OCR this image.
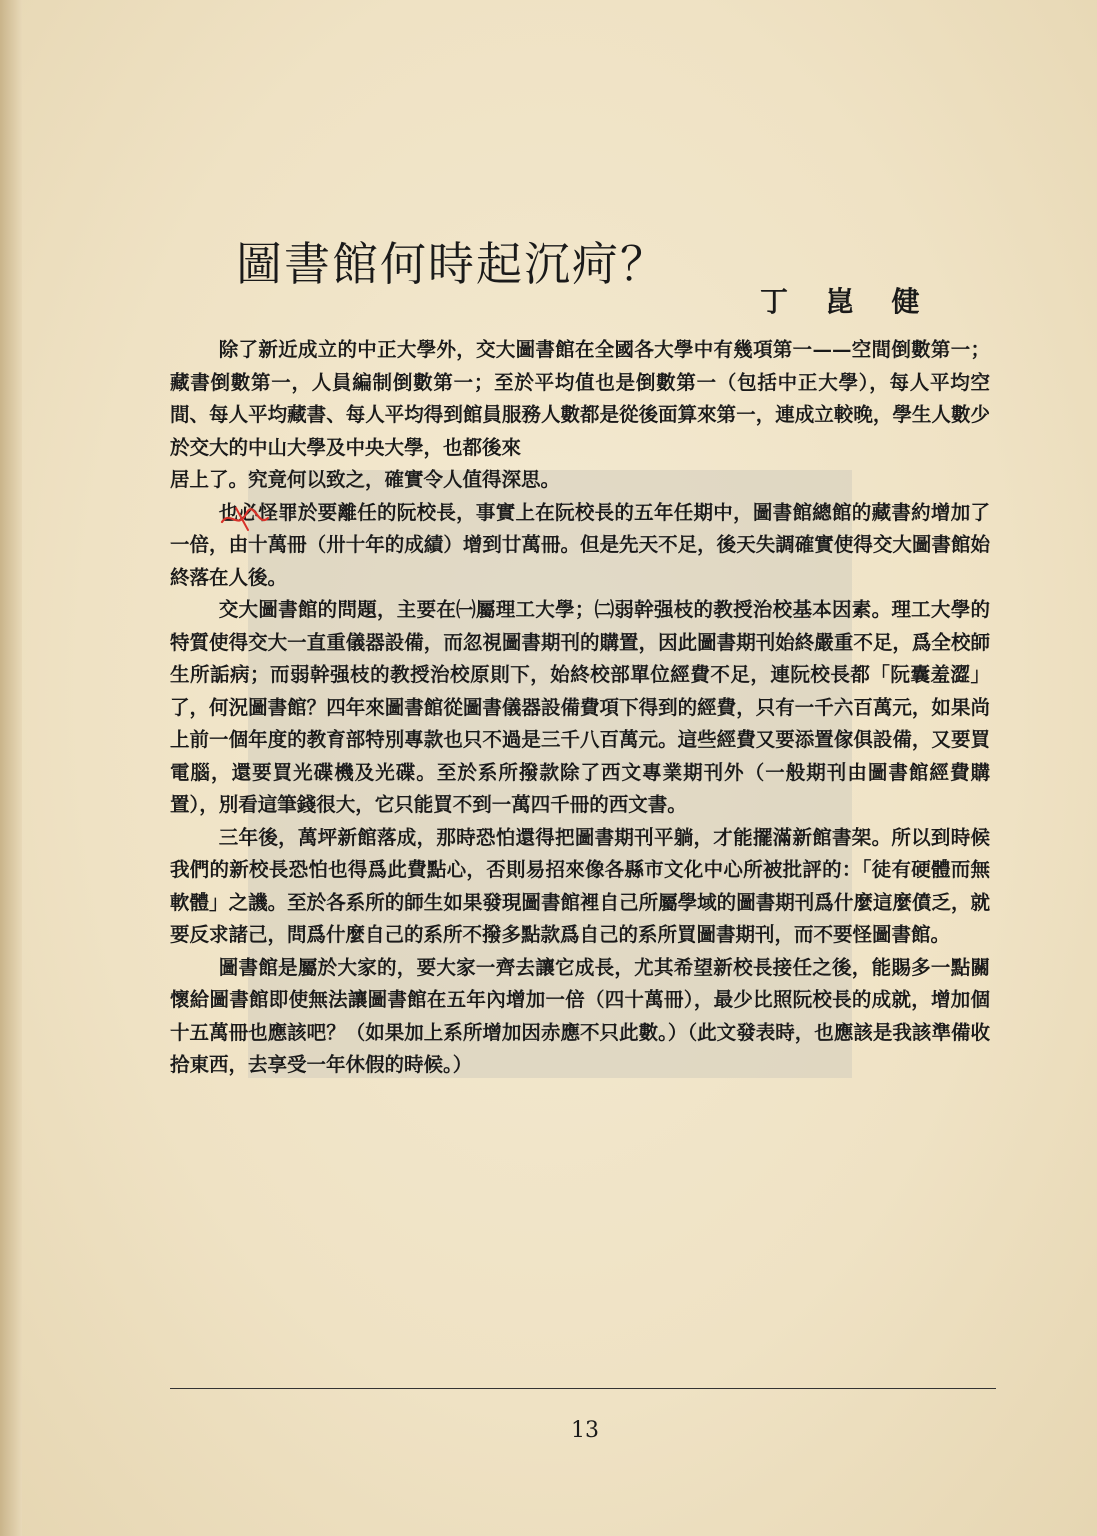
圖書館何時起沉疴？
丁 崑 健

除了新近成立的中正大學外，交大圖書館在全國各大學中有幾項第一——空間倒數第一；藏書倒數第一，人員編制倒數第一；至於平均值也是倒數第一（包括中正大學），每人平均空間、每人平均藏書、每人平均得到館員服務人數都是從後面算來第一，連成立較晚，學生人數少於交大的中山大學及中央大學，也都後來

居上了。究竟何以致之，確實令人值得深思。

也必怪罪於要離任的阮校長，事實上在阮校長的五年任期中，圖書館總館的藏書約增加了一倍，由十萬冊（卅十年的成績）增到廿萬冊。但是先天不足，後天失調確實使得交大圖書館始終落在人後。

交大圖書館的問題，主要在㈠屬理工大學；㈡弱幹强枝的教授治校基本因素。理工大學的特質使得交大一直重儀器設備，而忽視圖書期刊的購置，因此圖書期刊始終嚴重不足，爲全校師生所詬病；而弱幹强枝的教授治校原則下，始終校部單位經費不足，連阮校長都「阮囊羞澀」了，何況圖書館？四年來圖書館從圖書儀器設備費項下得到的經費，只有一千六百萬元，如果尚上前一個年度的教育部特別專款也只不過是三千八百萬元。這些經費又要添置傢俱設備，又要買電腦，還要買光碟機及光碟。至於系所撥款除了西文專業期刊外（一般期刊由圖書館經費購置），別看這筆錢很大，它只能買不到一萬四千冊的西文書。

三年後，萬坪新館落成，那時恐怕還得把圖書期刊平躺，才能擺滿新館書架。所以到時候我們的新校長恐怕也得爲此費點心，否則易招來像各縣市文化中心所被批評的：「徒有硬體而無軟體」之譏。至於各系所的師生如果發現圖書館裡自己所屬學域的圖書期刊爲什麼這麼僨乏，就要反求諸己，問爲什麼自己的系所不撥多點款爲自己的系所買圖書期刊，而不要怪圖書館。

圖書館是屬於大家的，要大家一齊去讓它成長，尤其希望新校長接任之後，能賜多一點關懷給圖書館即使無法讓圖書館在五年內增加一倍（四十萬冊），最少比照阮校長的成就，增加個十五萬冊也應該吧？（如果加上系所增加因赤應不只此數。）（此文發表時，也應該是我該準備收拾東西，去享受一年休假的時候。）

13
